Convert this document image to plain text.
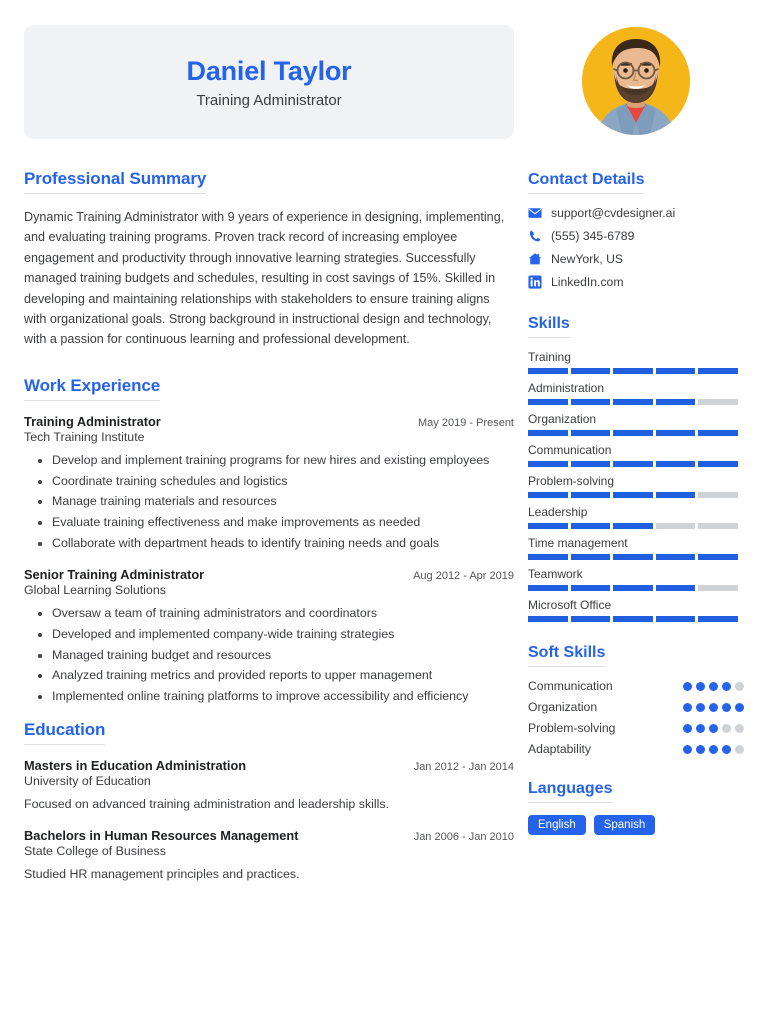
Daniel Taylor
Training Administrator
Professional Summary
Dynamic Training Administrator with 9 years of experience in designing, implementing, and evaluating training programs. Proven track record of increasing employee engagement and productivity through innovative learning strategies. Successfully managed training budgets and schedules, resulting in cost savings of 15%. Skilled in developing and maintaining relationships with stakeholders to ensure training aligns with organizational goals. Strong background in instructional design and technology, with a passion for continuous learning and professional development.
Work Experience
Training Administrator	May 2019 - Present
Tech Training Institute
• Develop and implement training programs for new hires and existing employees
• Coordinate training schedules and logistics
• Manage training materials and resources
• Evaluate training effectiveness and make improvements as needed
• Collaborate with department heads to identify training needs and goals
Senior Training Administrator	Aug 2012 - Apr 2019
Global Learning Solutions
• Oversaw a team of training administrators and coordinators
• Developed and implemented company-wide training strategies
• Managed training budget and resources
• Analyzed training metrics and provided reports to upper management
• Implemented online training platforms to improve accessibility and efficiency
Education
Masters in Education Administration	Jan 2012 - Jan 2014
University of Education
Focused on advanced training administration and leadership skills.
Bachelors in Human Resources Management	Jan 2006 - Jan 2010
State College of Business
Studied HR management principles and practices.
Contact Details
support@cvdesigner.ai
(555) 345-6789
NewYork, US
LinkedIn.com
Skills
Training
Administration
Organization
Communication
Problem-solving
Leadership
Time management
Teamwork
Microsoft Office
Soft Skills
Communication
Organization
Problem-solving
Adaptability
Languages
English	Spanish
